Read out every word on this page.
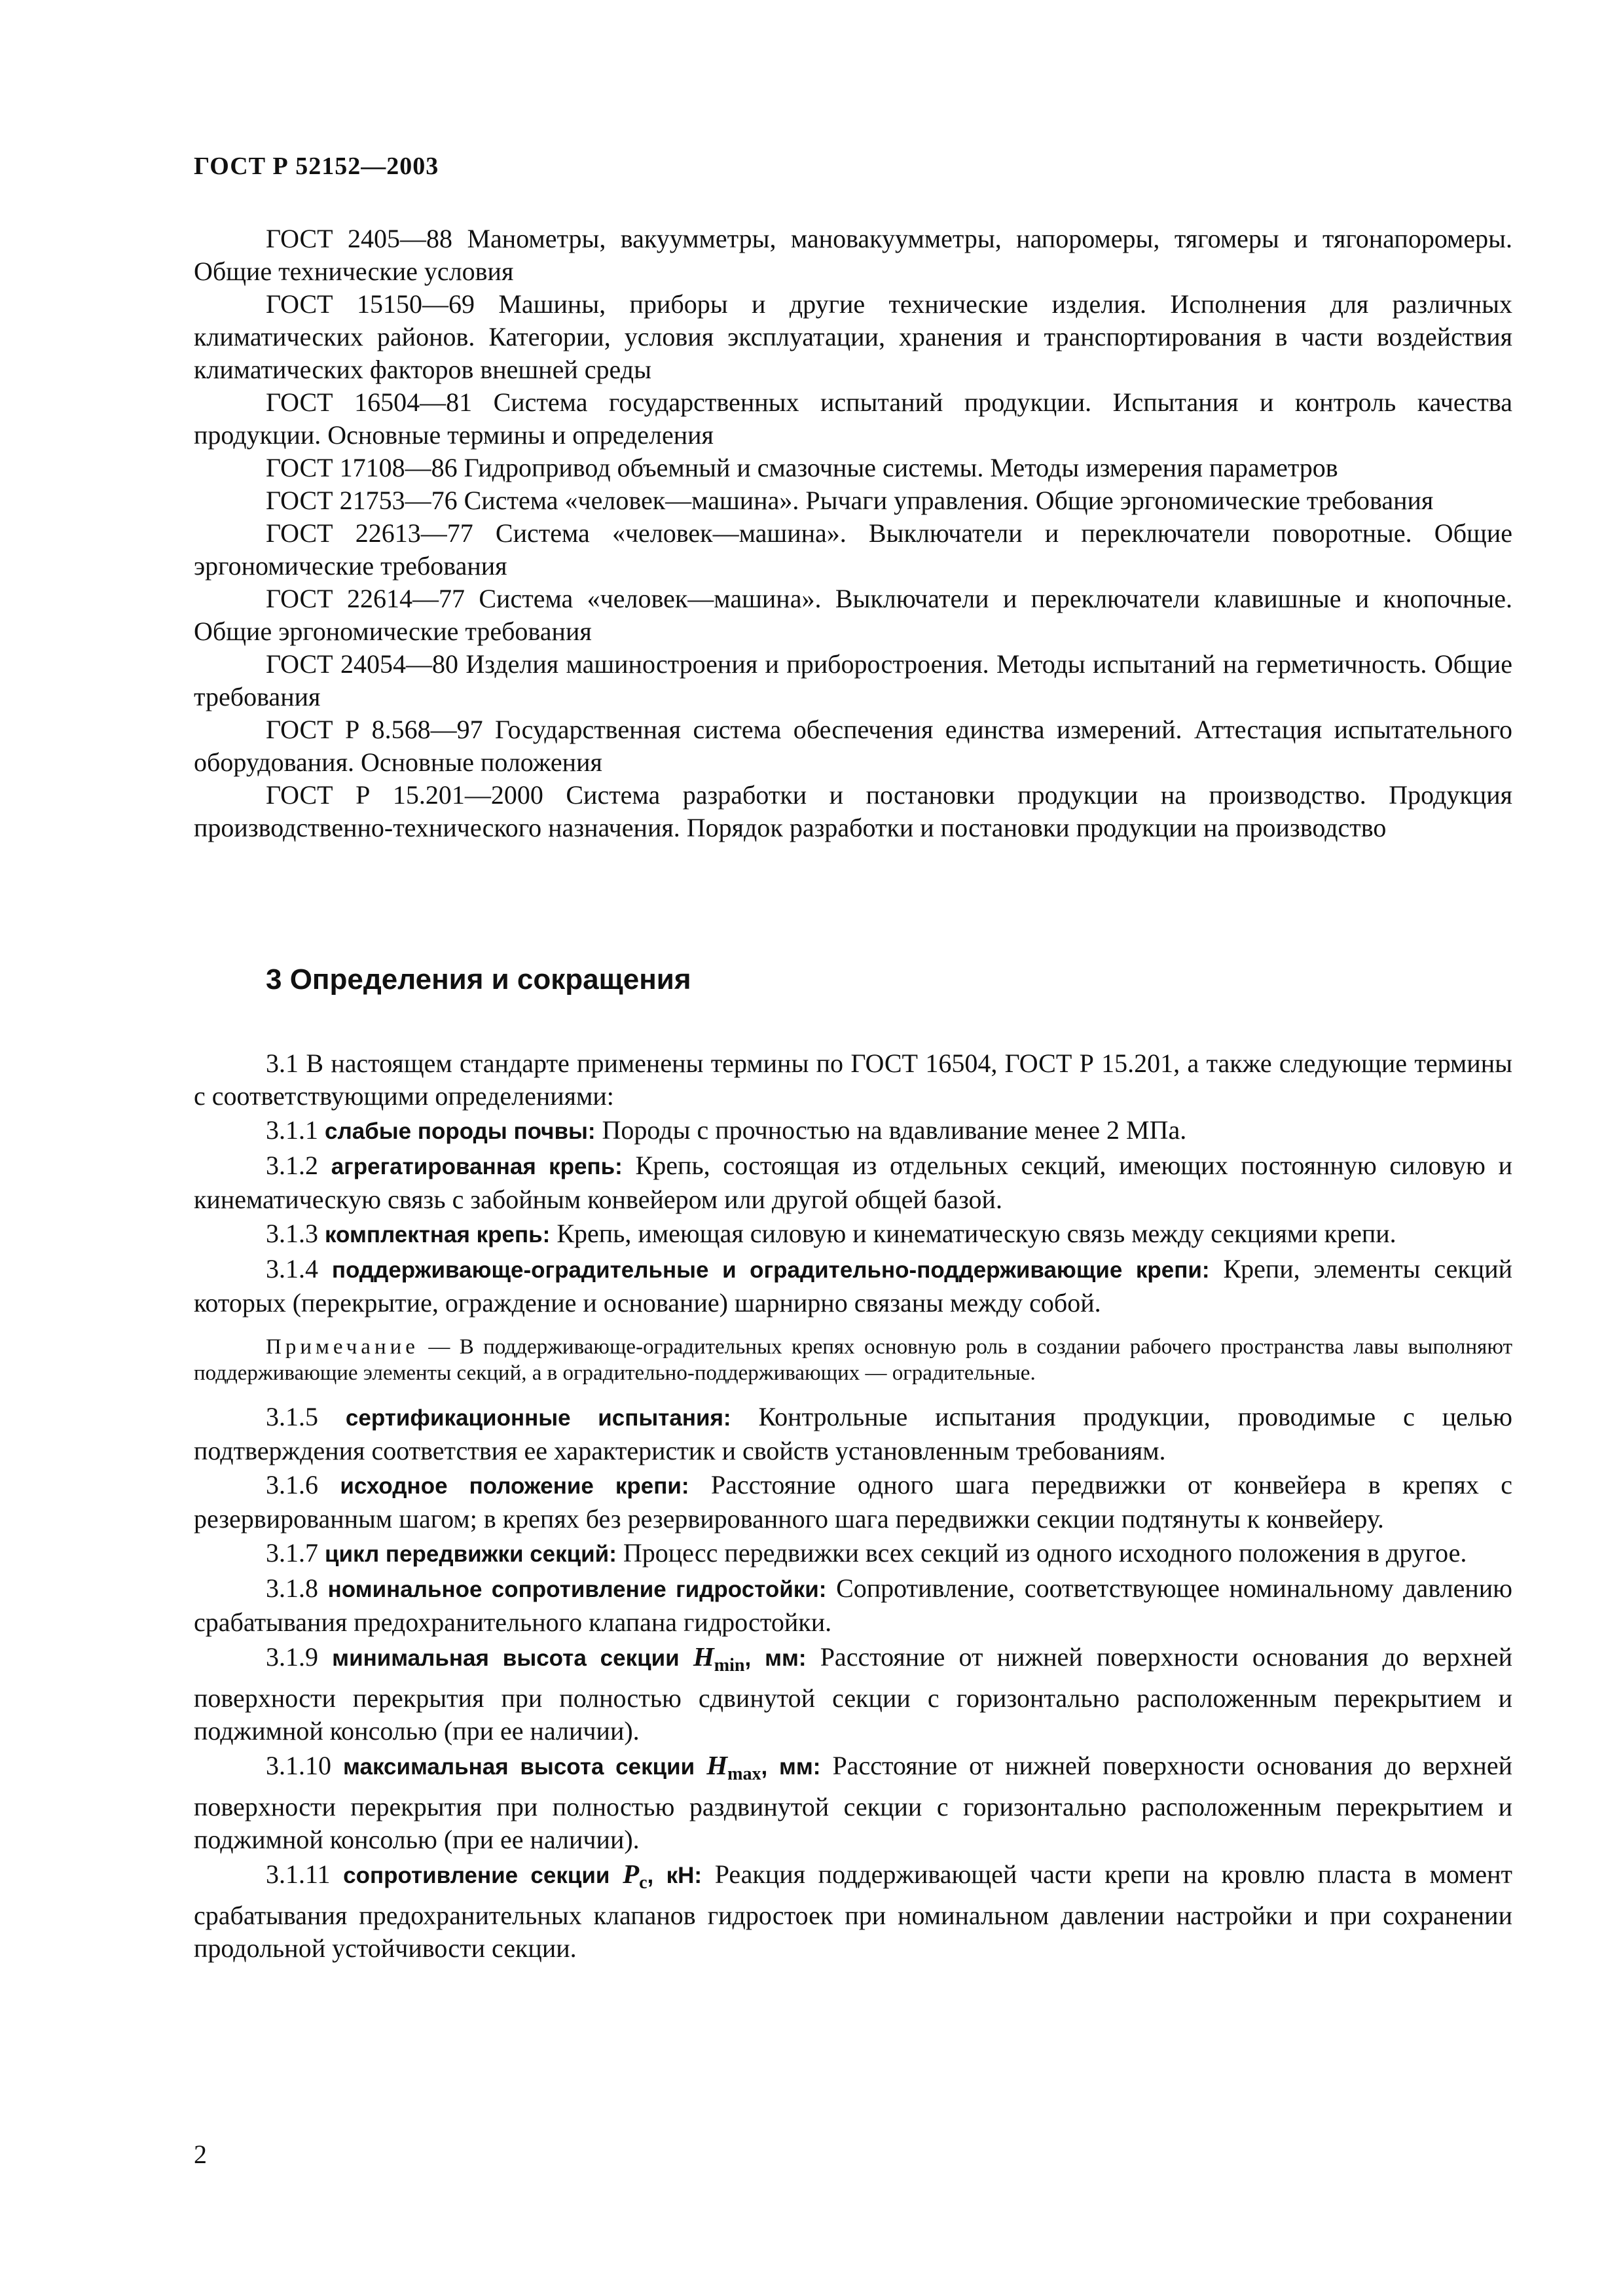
ГОСТ Р 52152—2003

ГОСТ 2405—88 Манометры, вакуумметры, мановакуумметры, напоромеры, тягомеры и тягонапоромеры. Общие технические условия

ГОСТ 15150—69 Машины, приборы и другие технические изделия. Исполнения для различных климатических районов. Категории, условия эксплуатации, хранения и транспортирования в части воздействия климатических факторов внешней среды

ГОСТ 16504—81 Система государственных испытаний продукции. Испытания и контроль качества продукции. Основные термины и определения

ГОСТ 17108—86 Гидропривод объемный и смазочные системы. Методы измерения параметров

ГОСТ 21753—76 Система «человек—машина». Рычаги управления. Общие эргономические требования

ГОСТ 22613—77 Система «человек—машина». Выключатели и переключатели поворотные. Общие эргономические требования

ГОСТ 22614—77 Система «человек—машина». Выключатели и переключатели клавишные и кнопочные. Общие эргономические требования

ГОСТ 24054—80 Изделия машиностроения и приборостроения. Методы испытаний на герметичность. Общие требования

ГОСТ Р 8.568—97 Государственная система обеспечения единства измерений. Аттестация испытательного оборудования. Основные положения

ГОСТ Р 15.201—2000 Система разработки и постановки продукции на производство. Продукция производственно-технического назначения. Порядок разработки и постановки продукции на производство

3 Определения и сокращения

3.1 В настоящем стандарте применены термины по ГОСТ 16504, ГОСТ Р 15.201, а также следующие термины с соответствующими определениями:

3.1.1 слабые породы почвы: Породы с прочностью на вдавливание менее 2 МПа.

3.1.2 агрегатированная крепь: Крепь, состоящая из отдельных секций, имеющих постоянную силовую и кинематическую связь с забойным конвейером или другой общей базой.

3.1.3 комплектная крепь: Крепь, имеющая силовую и кинематическую связь между секциями крепи.

3.1.4 поддерживающе-оградительные и оградительно-поддерживающие крепи: Крепи, элементы секций которых (перекрытие, ограждение и основание) шарнирно связаны между собой.

Примечание — В поддерживающе-оградительных крепях основную роль в создании рабочего пространства лавы выполняют поддерживающие элементы секций, а в оградительно-поддерживающих — оградительные.

3.1.5 сертификационные испытания: Контрольные испытания продукции, проводимые с целью подтверждения соответствия ее характеристик и свойств установленным требованиям.

3.1.6 исходное положение крепи: Расстояние одного шага передвижки от конвейера в крепях с резервированным шагом; в крепях без резервированного шага передвижки секции подтянуты к конвейеру.

3.1.7 цикл передвижки секций: Процесс передвижки всех секций из одного исходного положения в другое.

3.1.8 номинальное сопротивление гидростойки: Сопротивление, соответствующее номинальному давлению срабатывания предохранительного клапана гидростойки.

3.1.9 минимальная высота секции $H_{min}$, мм: Расстояние от нижней поверхности основания до верхней поверхности перекрытия при полностью сдвинутой секции с горизонтально расположенным перекрытием и поджимной консолью (при ее наличии).

3.1.10 максимальная высота секции $H_{max}$, мм: Расстояние от нижней поверхности основания до верхней поверхности перекрытия при полностью раздвинутой секции с горизонтально расположенным перекрытием и поджимной консолью (при ее наличии).

3.1.11 сопротивление секции $P_c$, кН: Реакция поддерживающей части крепи на кровлю пласта в момент срабатывания предохранительных клапанов гидростоек при номинальном давлении настройки и при сохранении продольной устойчивости секции.

2
